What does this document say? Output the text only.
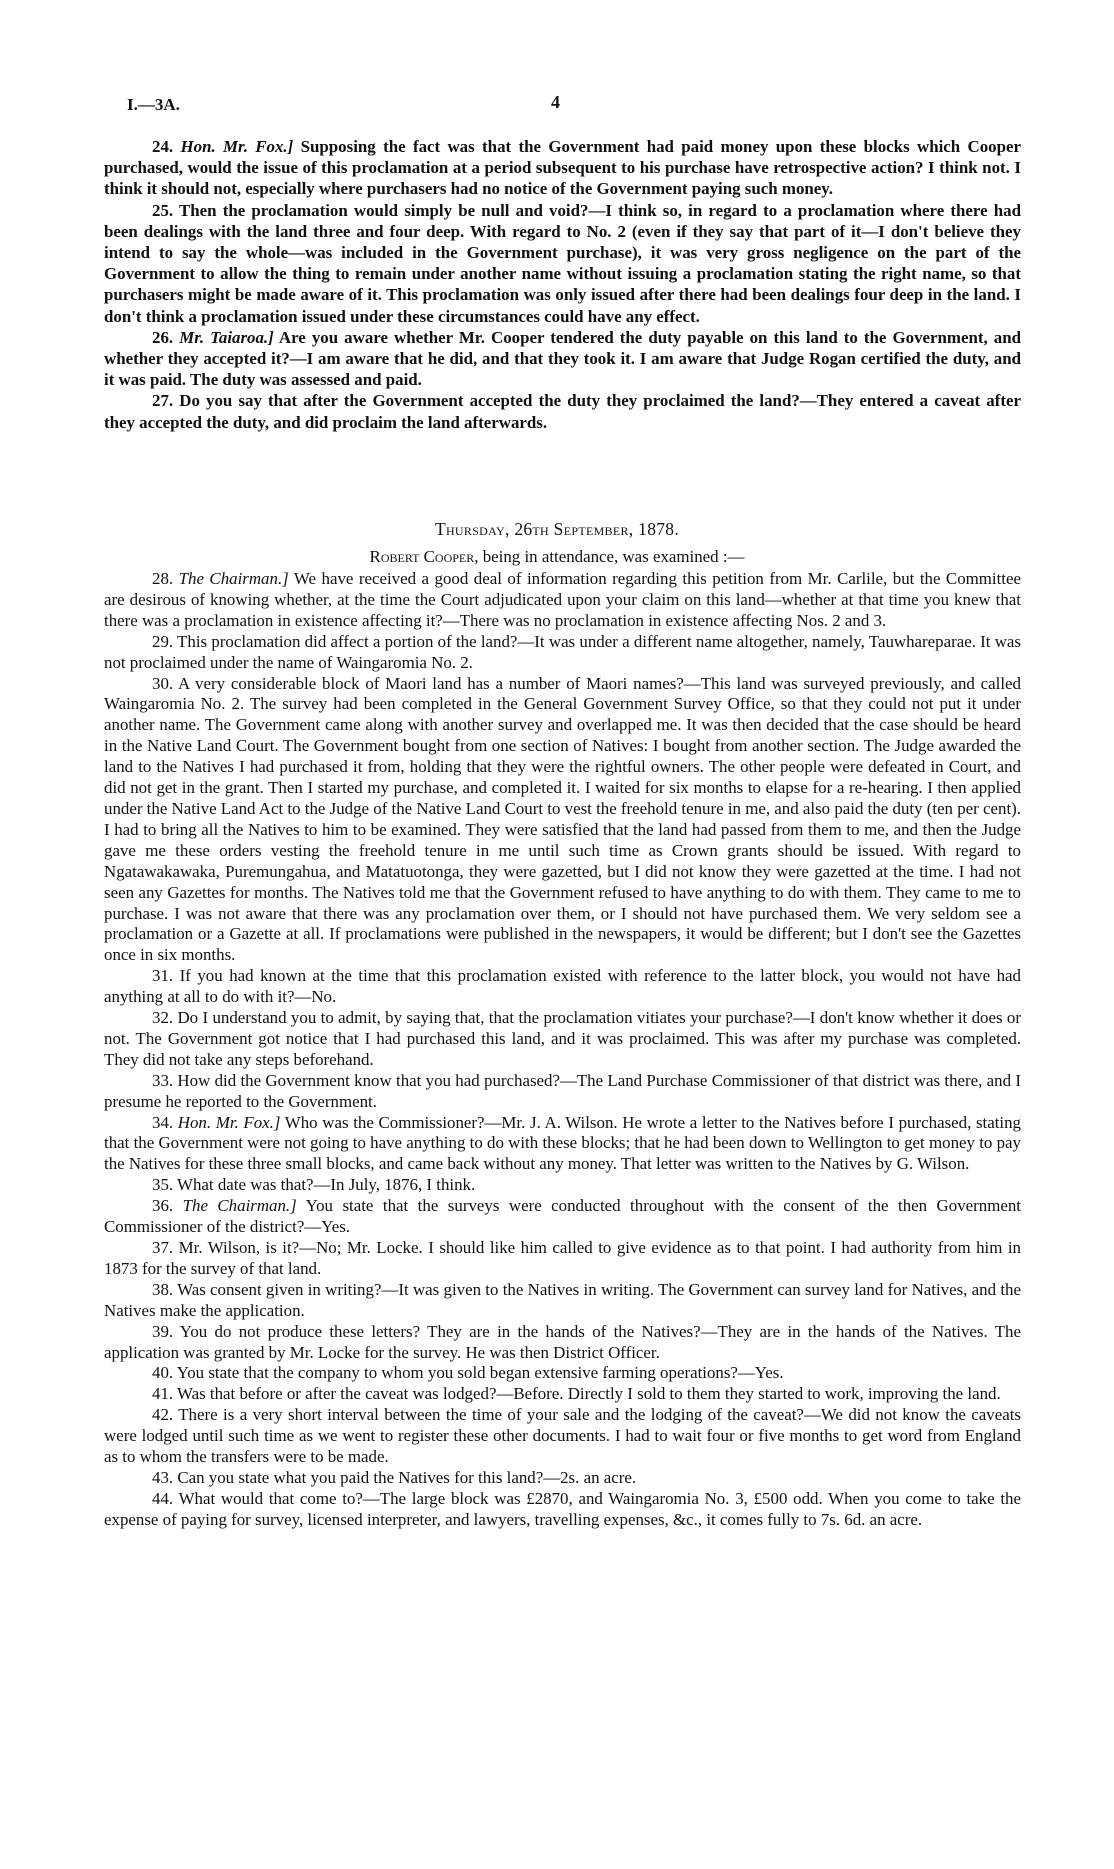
I.—3A.	4

24. Hon. Mr. Fox.] Supposing the fact was that the Government had paid money upon these blocks which Cooper purchased, would the issue of this proclamation at a period subsequent to his purchase have retrospective action? I think not. I think it should not, especially where purchasers had no notice of the Government paying such money.

25. Then the proclamation would simply be null and void?—I think so, in regard to a proclamation where there had been dealings with the land three and four deep. With regard to No. 2 (even if they say that part of it—I don't believe they intend to say the whole—was included in the Government purchase), it was very gross negligence on the part of the Government to allow the thing to remain under another name without issuing a proclamation stating the right name, so that purchasers might be made aware of it. This proclamation was only issued after there had been dealings four deep in the land. I don't think a proclamation issued under these circumstances could have any effect.

26. Mr. Taiaroa.] Are you aware whether Mr. Cooper tendered the duty payable on this land to the Government, and whether they accepted it?—I am aware that he did, and that they took it. I am aware that Judge Rogan certified the duty, and it was paid. The duty was assessed and paid.

27. Do you say that after the Government accepted the duty they proclaimed the land?—They entered a caveat after they accepted the duty, and did proclaim the land afterwards.

Thursday, 26th September, 1878.
Robert Cooper, being in attendance, was examined :—

28. The Chairman.] We have received a good deal of information regarding this petition from Mr. Carlile, but the Committee are desirous of knowing whether, at the time the Court adjudicated upon your claim on this land—whether at that time you knew that there was a proclamation in existence affecting it?—There was no proclamation in existence affecting Nos. 2 and 3.

29. This proclamation did affect a portion of the land?—It was under a different name altogether, namely, Tauwhareparae. It was not proclaimed under the name of Waingaromia No. 2.

30. A very considerable block of Maori land has a number of Maori names?—This land was surveyed previously, and called Waingaromia No. 2. The survey had been completed in the General Government Survey Office, so that they could not put it under another name. The Government came along with another survey and overlapped me. It was then decided that the case should be heard in the Native Land Court. The Government bought from one section of Natives: I bought from another section. The Judge awarded the land to the Natives I had purchased it from, holding that they were the rightful owners. The other people were defeated in Court, and did not get in the grant. Then I started my purchase, and completed it. I waited for six months to elapse for a re-hearing. I then applied under the Native Land Act to the Judge of the Native Land Court to vest the freehold tenure in me, and also paid the duty (ten per cent). I had to bring all the Natives to him to be examined. They were satisfied that the land had passed from them to me, and then the Judge gave me these orders vesting the freehold tenure in me until such time as Crown grants should be issued. With regard to Ngatawakawaka, Puremungahua, and Matatuotonga, they were gazetted, but I did not know they were gazetted at the time. I had not seen any Gazettes for months. The Natives told me that the Government refused to have anything to do with them. They came to me to purchase. I was not aware that there was any proclamation over them, or I should not have purchased them. We very seldom see a proclamation or a Gazette at all. If proclamations were published in the newspapers, it would be different; but I don't see the Gazettes once in six months.

31. If you had known at the time that this proclamation existed with reference to the latter block, you would not have had anything at all to do with it?—No.

32. Do I understand you to admit, by saying that, that the proclamation vitiates your purchase?—I don't know whether it does or not. The Government got notice that I had purchased this land, and it was proclaimed. This was after my purchase was completed. They did not take any steps beforehand.

33. How did the Government know that you had purchased?—The Land Purchase Commissioner of that district was there, and I presume he reported to the Government.

34. Hon. Mr. Fox.] Who was the Commissioner?—Mr. J. A. Wilson. He wrote a letter to the Natives before I purchased, stating that the Government were not going to have anything to do with these blocks; that he had been down to Wellington to get money to pay the Natives for these three small blocks, and came back without any money. That letter was written to the Natives by G. Wilson.

35. What date was that?—In July, 1876, I think.

36. The Chairman.] You state that the surveys were conducted throughout with the consent of the then Government Commissioner of the district?—Yes.

37. Mr. Wilson, is it?—No; Mr. Locke. I should like him called to give evidence as to that point. I had authority from him in 1873 for the survey of that land.

38. Was consent given in writing?—It was given to the Natives in writing. The Government can survey land for Natives, and the Natives make the application.

39. You do not produce these letters? They are in the hands of the Natives?—They are in the hands of the Natives. The application was granted by Mr. Locke for the survey. He was then District Officer.

40. You state that the company to whom you sold began extensive farming operations?—Yes.

41. Was that before or after the caveat was lodged?—Before. Directly I sold to them they started to work, improving the land.

42. There is a very short interval between the time of your sale and the lodging of the caveat?—We did not know the caveats were lodged until such time as we went to register these other documents. I had to wait four or five months to get word from England as to whom the transfers were to be made.

43. Can you state what you paid the Natives for this land?—2s. an acre.

44. What would that come to?—The large block was £2870, and Waingaromia No. 3, £500 odd. When you come to take the expense of paying for survey, licensed interpreter, and lawyers, travelling expenses, &c., it comes fully to 7s. 6d. an acre.
